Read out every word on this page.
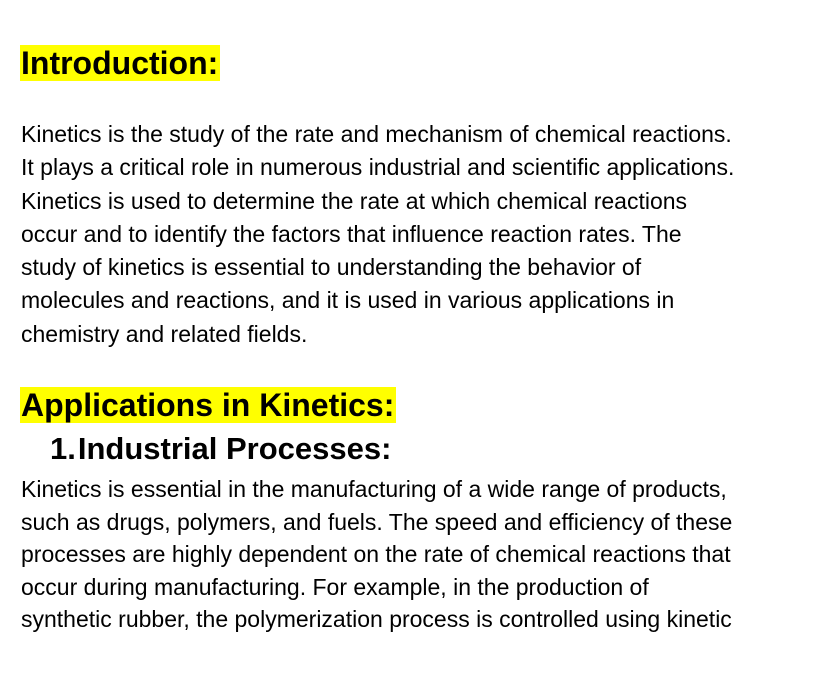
Introduction:
Kinetics is the study of the rate and mechanism of chemical reactions.
It plays a critical role in numerous industrial and scientific applications.
Kinetics is used to determine the rate at which chemical reactions
occur and to identify the factors that influence reaction rates. The
study of kinetics is essential to understanding the behavior of
molecules and reactions, and it is used in various applications in
chemistry and related fields.
Applications in Kinetics:
1.Industrial Processes:
Kinetics is essential in the manufacturing of a wide range of products,
such as drugs, polymers, and fuels. The speed and efficiency of these
processes are highly dependent on the rate of chemical reactions that
occur during manufacturing. For example, in the production of
synthetic rubber, the polymerization process is controlled using kinetic
